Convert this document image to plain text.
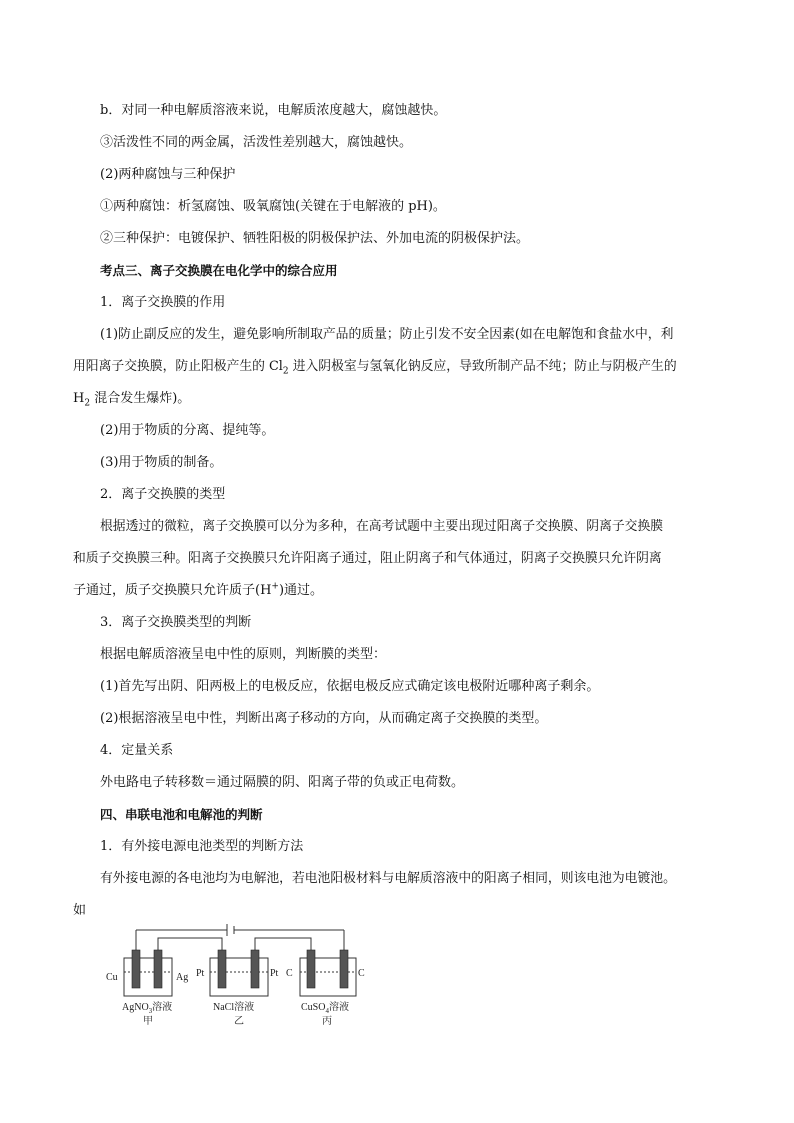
b．对同一种电解质溶液来说，电解质浓度越大，腐蚀越快。
③活泼性不同的两金属，活泼性差别越大，腐蚀越快。
(2)两种腐蚀与三种保护
①两种腐蚀：析氢腐蚀、吸氧腐蚀(关键在于电解液的 pH)。
②三种保护：电镀保护、牺牲阳极的阴极保护法、外加电流的阴极保护法。
考点三、离子交换膜在电化学中的综合应用
1．离子交换膜的作用
(1)防止副反应的发生，避免影响所制取产品的质量；防止引发不安全因素(如在电解饱和食盐水中，利
用阳离子交换膜，防止阳极产生的 $Cl_2$ 进入阴极室与氢氧化钠反应，导致所制产品不纯；防止与阴极产生的
$H_2$ 混合发生爆炸)。
(2)用于物质的分离、提纯等。
(3)用于物质的制备。
2．离子交换膜的类型
根据透过的微粒，离子交换膜可以分为多种，在高考试题中主要出现过阳离子交换膜、阴离子交换膜
和质子交换膜三种。阳离子交换膜只允许阳离子通过，阻止阴离子和气体通过，阴离子交换膜只允许阴离
子通过，质子交换膜只允许质子(H+)通过。
3．离子交换膜类型的判断
根据电解质溶液呈电中性的原则，判断膜的类型：
(1)首先写出阴、阳两极上的电极反应，依据电极反应式确定该电极附近哪种离子剩余。
(2)根据溶液呈电中性，判断出离子移动的方向，从而确定离子交换膜的类型。
4．定量关系
外电路电子转移数＝通过隔膜的阴、阳离子带的负或正电荷数。
四、串联电池和电解池的判断
1．有外接电源电池类型的判断方法
有外接电源的各电池均为电解池，若电池阳极材料与电解质溶液中的阳离子相同，则该电池为电镀池。
如
Cu	Ag Pt	Pt C	C
AgNO$_3$溶液	NaCl溶液	CuSO$_4$溶液
甲	乙	丙
